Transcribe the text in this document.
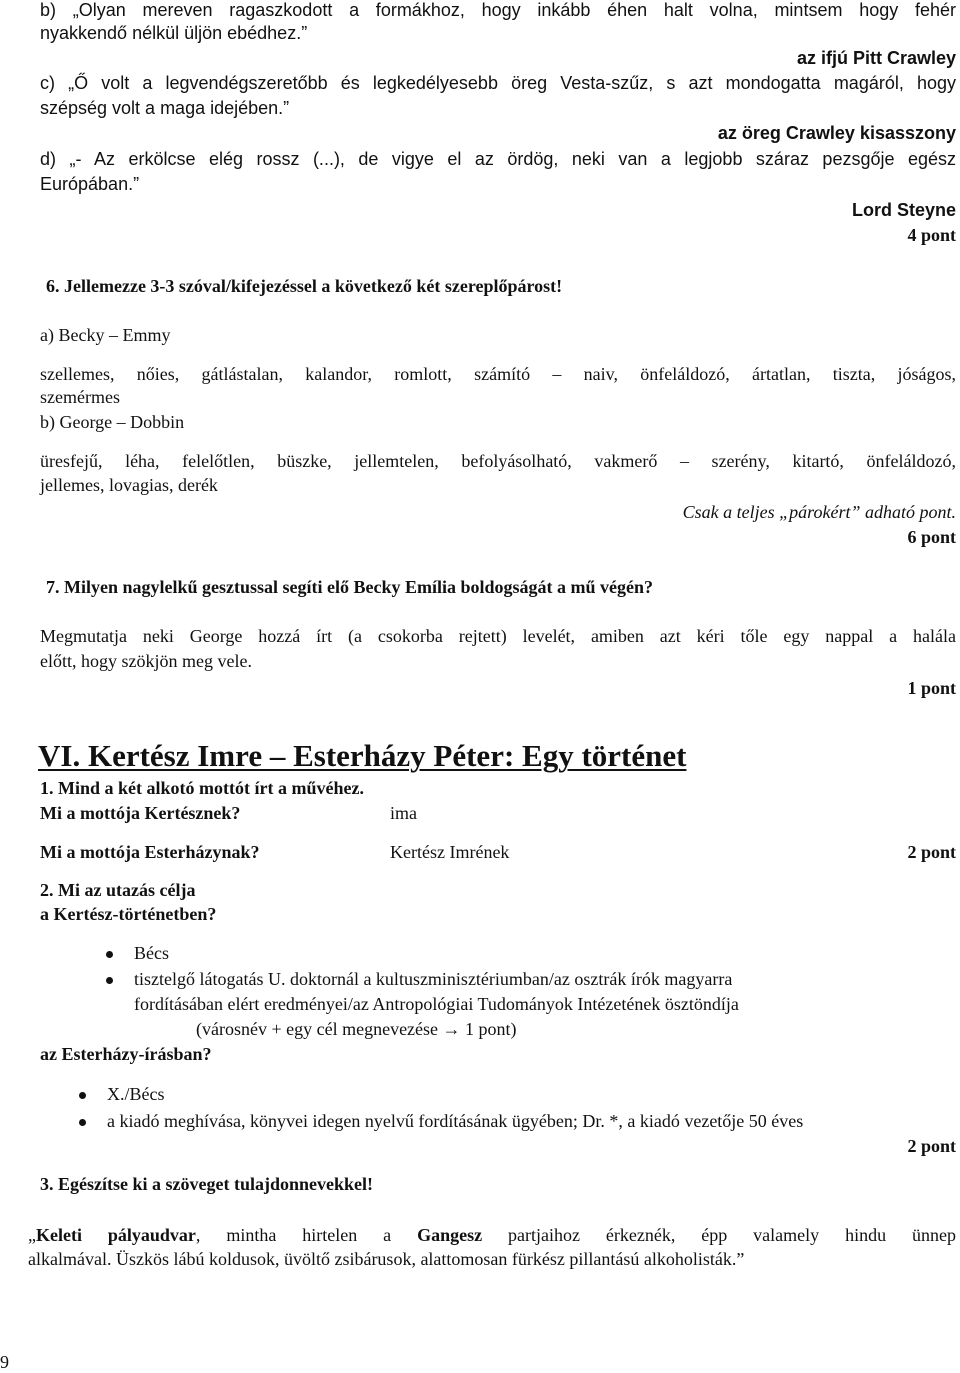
b) „Olyan mereven ragaszkodott a formákhoz, hogy inkább éhen halt volna, mintsem hogy fehér
nyakkendő nélkül üljön ebédhez.”
az ifjú Pitt Crawley
c) „Ő volt a legvendégszeretőbb és legkedélyesebb öreg Vesta-szűz, s azt mondogatta magáról, hogy
szépség volt a maga idejében.”
az öreg Crawley kisasszony
d) „- Az erkölcse elég rossz (...), de vigye el az ördög, neki van a legjobb száraz pezsgője egész
Európában.”
Lord Steyne
4 pont
6. Jellemezze 3-3 szóval/kifejezéssel a következő két szereplőpárost!
a) Becky – Emmy
szellemes, nőies, gátlástalan, kalandor, romlott, számító – naiv, önfeláldozó, ártatlan, tiszta, jóságos,
szemérmes
b) George – Dobbin
üresfejű, léha, felelőtlen, büszke, jellemtelen, befolyásolható, vakmerő – szerény, kitartó, önfeláldozó,
jellemes, lovagias, derék
Csak a teljes „párokért” adható pont.
6 pont
7. Milyen nagylelkű gesztussal segíti elő Becky Emília boldogságát a mű végén?
Megmutatja neki George hozzá írt (a csokorba rejtett) levelét, amiben azt kéri tőle egy nappal a halála
előtt, hogy szökjön meg vele.
1 pont
VI. Kertész Imre – Esterházy Péter: Egy történet
1. Mind a két alkotó mottót írt a művéhez.
Mi a mottója Kertésznek?	ima
Mi a mottója Esterházynak?	Kertész Imrének	2 pont
2. Mi az utazás célja
a Kertész-történetben?
Bécs
tisztelgő látogatás U. doktornál a kultuszminisztériumban/az osztrák írók magyarra
fordításában elért eredményei/az Antropológiai Tudományok Intézetének ösztöndíja
(városnév + egy cél megnevezése → 1 pont)
az Esterházy-írásban?
X./Bécs
a kiadó meghívása, könyvei idegen nyelvű fordításának ügyében; Dr. *, a kiadó vezetője 50 éves
2 pont
3. Egészítse ki a szöveget tulajdonnevekkel!
„Keleti pályaudvar, mintha hirtelen a Gangesz partjaihoz érkeznék, épp valamely hindu ünnep
alkalmával. Üszkös lábú koldusok, üvöltő zsibárusok, alattomosan fürkész pillantású alkoholisták.”
9
